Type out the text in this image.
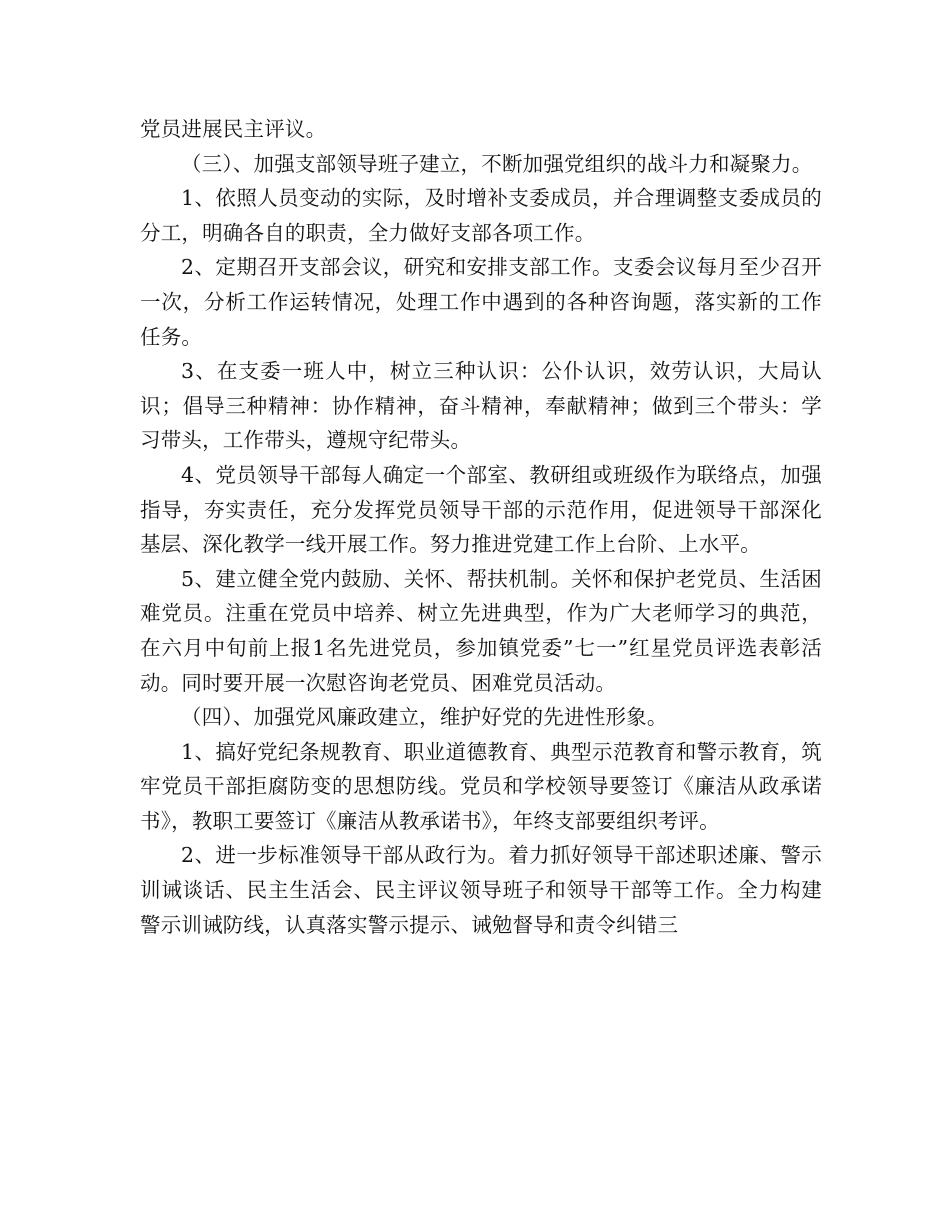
党员进展民主评议。

（三）、加强支部领导班子建立，不断加强党组织的战斗力和凝聚力。

1、依照人员变动的实际，及时增补支委成员，并合理调整支委成员的分工，明确各自的职责，全力做好支部各项工作。

2、定期召开支部会议，研究和安排支部工作。支委会议每月至少召开一次，分析工作运转情况，处理工作中遇到的各种咨询题，落实新的工作任务。

3、在支委一班人中，树立三种认识：公仆认识，效劳认识，大局认识；倡导三种精神：协作精神，奋斗精神，奉献精神；做到三个带头：学习带头，工作带头，遵规守纪带头。

4、党员领导干部每人确定一个部室、教研组或班级作为联络点，加强指导，夯实责任，充分发挥党员领导干部的示范作用，促进领导干部深化基层、深化教学一线开展工作。努力推进党建工作上台阶、上水平。

5、建立健全党内鼓励、关怀、帮扶机制。关怀和保护老党员、生活困难党员。注重在党员中培养、树立先进典型，作为广大老师学习的典范，在六月中旬前上报1名先进党员，参加镇党委”七一”红星党员评选表彰活动。同时要开展一次慰咨询老党员、困难党员活动。

（四）、加强党风廉政建立，维护好党的先进性形象。

1、搞好党纪条规教育、职业道德教育、典型示范教育和警示教育，筑牢党员干部拒腐防变的思想防线。党员和学校领导要签订《廉洁从政承诺书》，教职工要签订《廉洁从教承诺书》，年终支部要组织考评。

2、进一步标准领导干部从政行为。着力抓好领导干部述职述廉、警示训诫谈话、民主生活会、民主评议领导班子和领导干部等工作。全力构建警示训诫防线，认真落实警示提示、诫勉督导和责令纠错三
